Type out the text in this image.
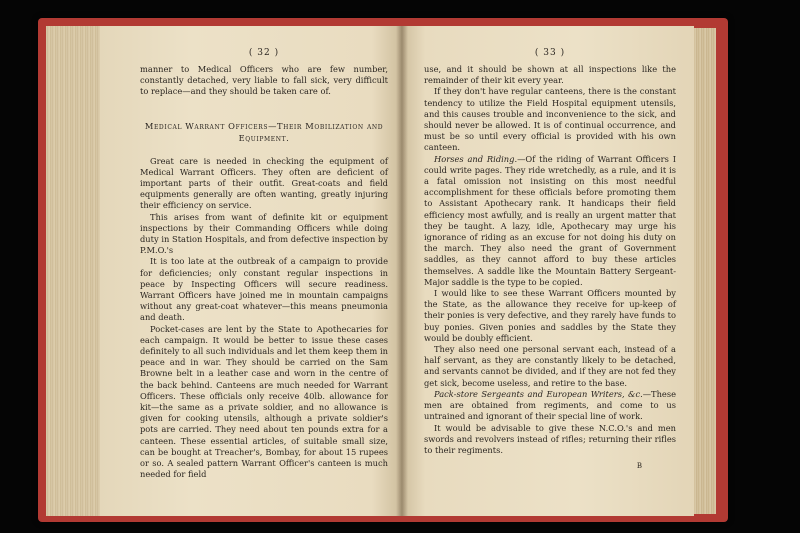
( 32 )

manner to Medical Officers who are few number, constantly detached, very liable to fall sick, very difficult to replace—and they should be taken care of.

Medical Warrant Officers—Their Mobilization and Equipment.

Great care is needed in checking the equipment of Medical Warrant Officers. They often are deficient of important parts of their outfit. Great-coats and field equipments generally are often wanting, greatly injuring their efficiency on service.

This arises from want of definite kit or equipment inspections by their Commanding Officers while doing duty in Station Hospitals, and from defective inspection by P.M.O.'s

It is too late at the outbreak of a campaign to provide for deficiencies; only constant regular inspections in peace by Inspecting Officers will secure readiness. Warrant Officers have joined me in mountain campaigns without any great-coat whatever—this means pneumonia and death.

Pocket-cases are lent by the State to Apothecaries for each campaign. It would be better to issue these cases definitely to all such individuals and let them keep them in peace and in war. They should be carried on the Sam Browne belt in a leather case and worn in the centre of the back behind. Canteens are much needed for Warrant Officers. These officials only receive 40lb. allowance for kit—the same as a private soldier, and no allowance is given for cooking utensils, although a private soldier's pots are carried. They need about ten pounds extra for a canteen. These essential articles, of suitable small size, can be bought at Treacher's, Bombay, for about 15 rupees or so. A sealed pattern Warrant Officer's canteen is much needed for field

( 33 )

use, and it should be shown at all inspections like the remainder of their kit every year.

If they don't have regular canteens, there is the constant tendency to utilize the Field Hospital equipment utensils, and this causes trouble and inconvenience to the sick, and should never be allowed. It is of continual occurrence, and must be so until every official is provided with his own canteen.

Horses and Riding.—Of the riding of Warrant Officers I could write pages. They ride wretchedly, as a rule, and it is a fatal omission not insisting on this most needful accomplishment for these officials before promoting them to Assistant Apothecary rank. It handicaps their field efficiency most awfully, and is really an urgent matter that they be taught. A lazy, idle, Apothecary may urge his ignorance of riding as an excuse for not doing his duty on the march. They also need the grant of Government saddles, as they cannot afford to buy these articles themselves. A saddle like the Mountain Battery Sergeant-Major saddle is the type to be copied.

I would like to see these Warrant Officers mounted by the State, as the allowance they receive for up-keep of their ponies is very defective, and they rarely have funds to buy ponies. Given ponies and saddles by the State they would be doubly efficient.

They also need one personal servant each, instead of a half servant, as they are constantly likely to be detached, and servants cannot be divided, and if they are not fed they get sick, become useless, and retire to the base.

Pack-store Sergeants and European Writers, &c.—These men are obtained from regiments, and come to us untrained and ignorant of their special line of work.

It would be advisable to give these N.C.O.'s and men swords and revolvers instead of rifles; returning their rifles to their regiments.

B
